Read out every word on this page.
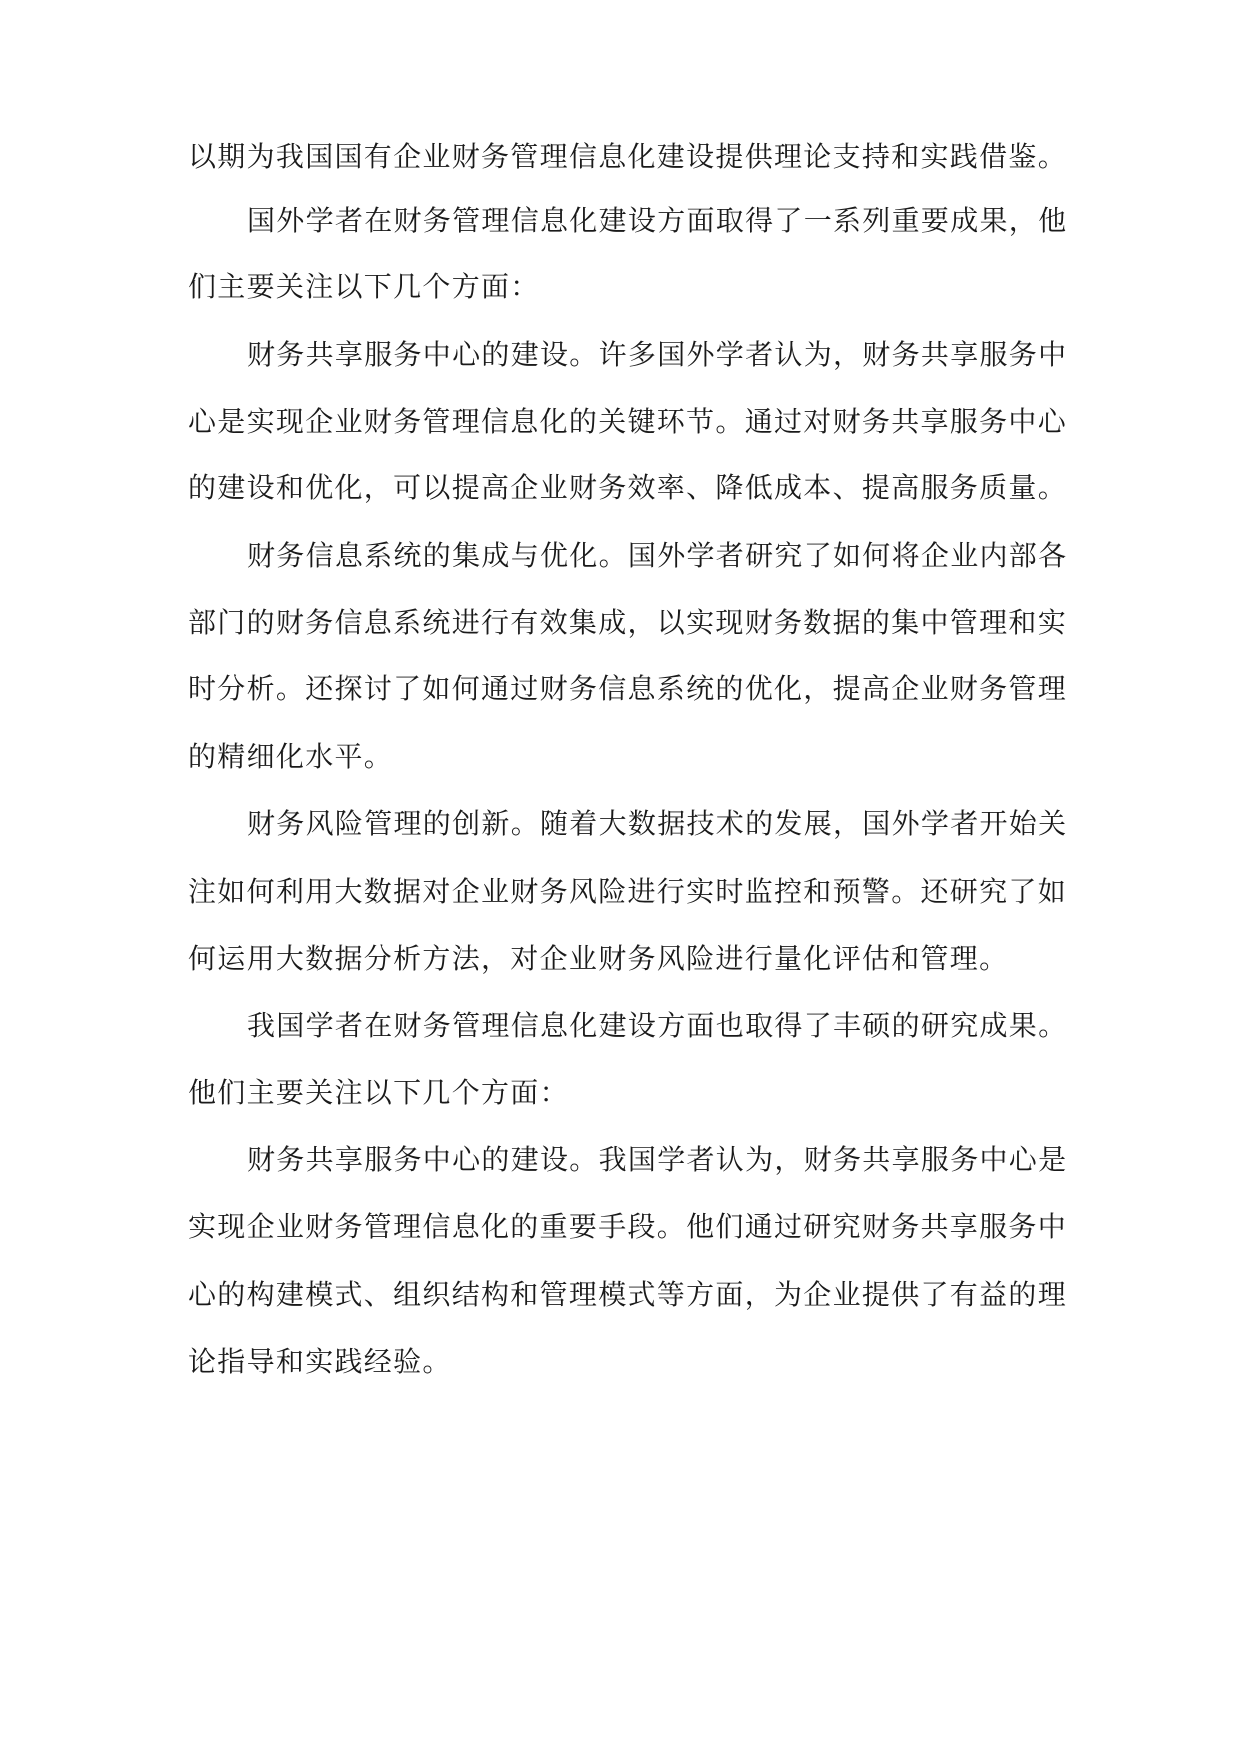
以期为我国国有企业财务管理信息化建设提供理论支持和实践借鉴。
国外学者在财务管理信息化建设方面取得了一系列重要成果，他
们主要关注以下几个方面：
财务共享服务中心的建设。许多国外学者认为，财务共享服务中
心是实现企业财务管理信息化的关键环节。通过对财务共享服务中心
的建设和优化，可以提高企业财务效率、降低成本、提高服务质量。
财务信息系统的集成与优化。国外学者研究了如何将企业内部各
部门的财务信息系统进行有效集成，以实现财务数据的集中管理和实
时分析。还探讨了如何通过财务信息系统的优化，提高企业财务管理
的精细化水平。
财务风险管理的创新。随着大数据技术的发展，国外学者开始关
注如何利用大数据对企业财务风险进行实时监控和预警。还研究了如
何运用大数据分析方法，对企业财务风险进行量化评估和管理。
我国学者在财务管理信息化建设方面也取得了丰硕的研究成果。
他们主要关注以下几个方面：
财务共享服务中心的建设。我国学者认为，财务共享服务中心是
实现企业财务管理信息化的重要手段。他们通过研究财务共享服务中
心的构建模式、组织结构和管理模式等方面，为企业提供了有益的理
论指导和实践经验。
